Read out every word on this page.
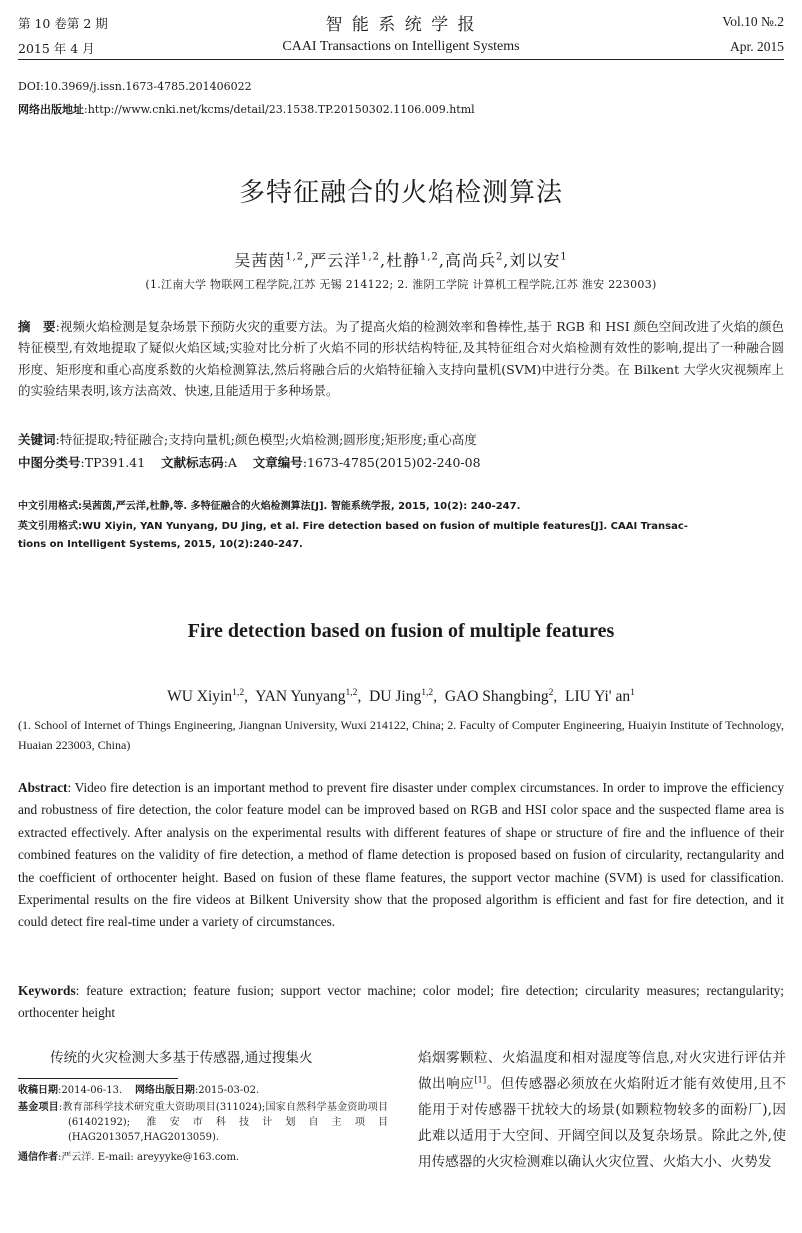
第 10 卷第 2 期
2015 年 4 月
智 能 系 统 学 报
CAAI Transactions on Intelligent Systems
Vol.10 №.2
Apr. 2015
DOI:10.3969/j.issn.1673-4785.201406022
网络出版地址:http://www.cnki.net/kcms/detail/23.1538.TP.20150302.1106.009.html
多特征融合的火焰检测算法
吴茜茵$^{1,2}$,严云洋$^{1,2}$,杜静$^{1,2}$,高尚兵$^2$,刘以安$^1$
(1.江南大学 物联网工程学院,江苏 无锡 214122; 2. 淮阴工学院 计算机工程学院,江苏 淮安 223003)
摘　要:视频火焰检测是复杂场景下预防火灾的重要方法。为了提高火焰的检测效率和鲁棒性,基于 RGB 和 HSI 颜色空间改进了火焰的颜色特征模型,有效地提取了疑似火焰区域;实验对比分析了火焰不同的形状结构特征,及其特征组合对火焰检测有效性的影响,提出了一种融合圆形度、矩形度和重心高度系数的火焰检测算法,然后将融合后的火焰特征输入支持向量机(SVM)中进行分类。在 Bilkent 大学火灾视频库上的实验结果表明,该方法高效、快速,且能适用于多种场景。
关键词:特征提取;特征融合;支持向量机;颜色模型;火焰检测;圆形度;矩形度;重心高度
中图分类号:TP391.41 文献标志码:A 文章编号:1673-4785(2015)02-240-08
中文引用格式:吴茜茵,严云洋,杜静,等. 多特征融合的火焰检测算法[J]. 智能系统学报, 2015, 10(2): 240-247.
英文引用格式:WU Xiyin, YAN Yunyang, DU Jing, et al. Fire detection based on fusion of multiple features[J]. CAAI Transac-
tions on Intelligent Systems, 2015, 10(2):240-247.
Fire detection based on fusion of multiple features
WU Xiyin$^{1,2}$,  YAN Yunyang$^{1,2}$,  DU Jing$^{1,2}$,  GAO Shangbing$^2$,  LIU Yi' $an^1$
(1. School of Internet of Things Engineering, Jiangnan University, Wuxi 214122, China; 2. Faculty of Computer Engineering, Huaiyin Institute of Technology, Huaian 223003, China)
Abstract: Video fire detection is an important method to prevent fire disaster under complex circumstances. In order to improve the efficiency and robustness of fire detection, the color feature model can be improved based on RGB and HSI color space and the suspected flame area is extracted effectively. After analysis on the experimental results with different features of shape or structure of fire and the influence of their combined features on the validity of fire detection, a method of flame detection is proposed based on fusion of circularity, rectangularity and the coefficient of orthocenter height. Based on fusion of these flame features, the support vector machine (SVM) is used for classification. Experimental results on the fire videos at Bilkent University show that the proposed algorithm is efficient and fast for fire detection, and it could detect fire real-time under a variety of circumstances.
Keywords: feature extraction; feature fusion; support vector machine; color model; fire detection; circularity measures; rectangularity; orthocenter height
传统的火灾检测大多基于传感器,通过搜集火
收稿日期:2014-06-13. 网络出版日期:2015-03-02.
基金项目:教育部科学技术研究重大资助项目(311024);国家自然科学基金资助项目(61402192); 淮安市科技计划自主项目(HAG2013057,HAG2013059).
通信作者:严云洋. E-mail: areyyyke@163.com.
焰烟雾颗粒、火焰温度和相对湿度等信息,对火灾进行评估并做出响应[1]。但传感器必须放在火焰附近才能有效使用,且不能用于对传感器干扰较大的场景(如颗粒物较多的面粉厂),因此难以适用于大空间、开阔空间以及复杂场景。除此之外,使用传感器的火灾检测难以确认火灾位置、火焰大小、火势发
